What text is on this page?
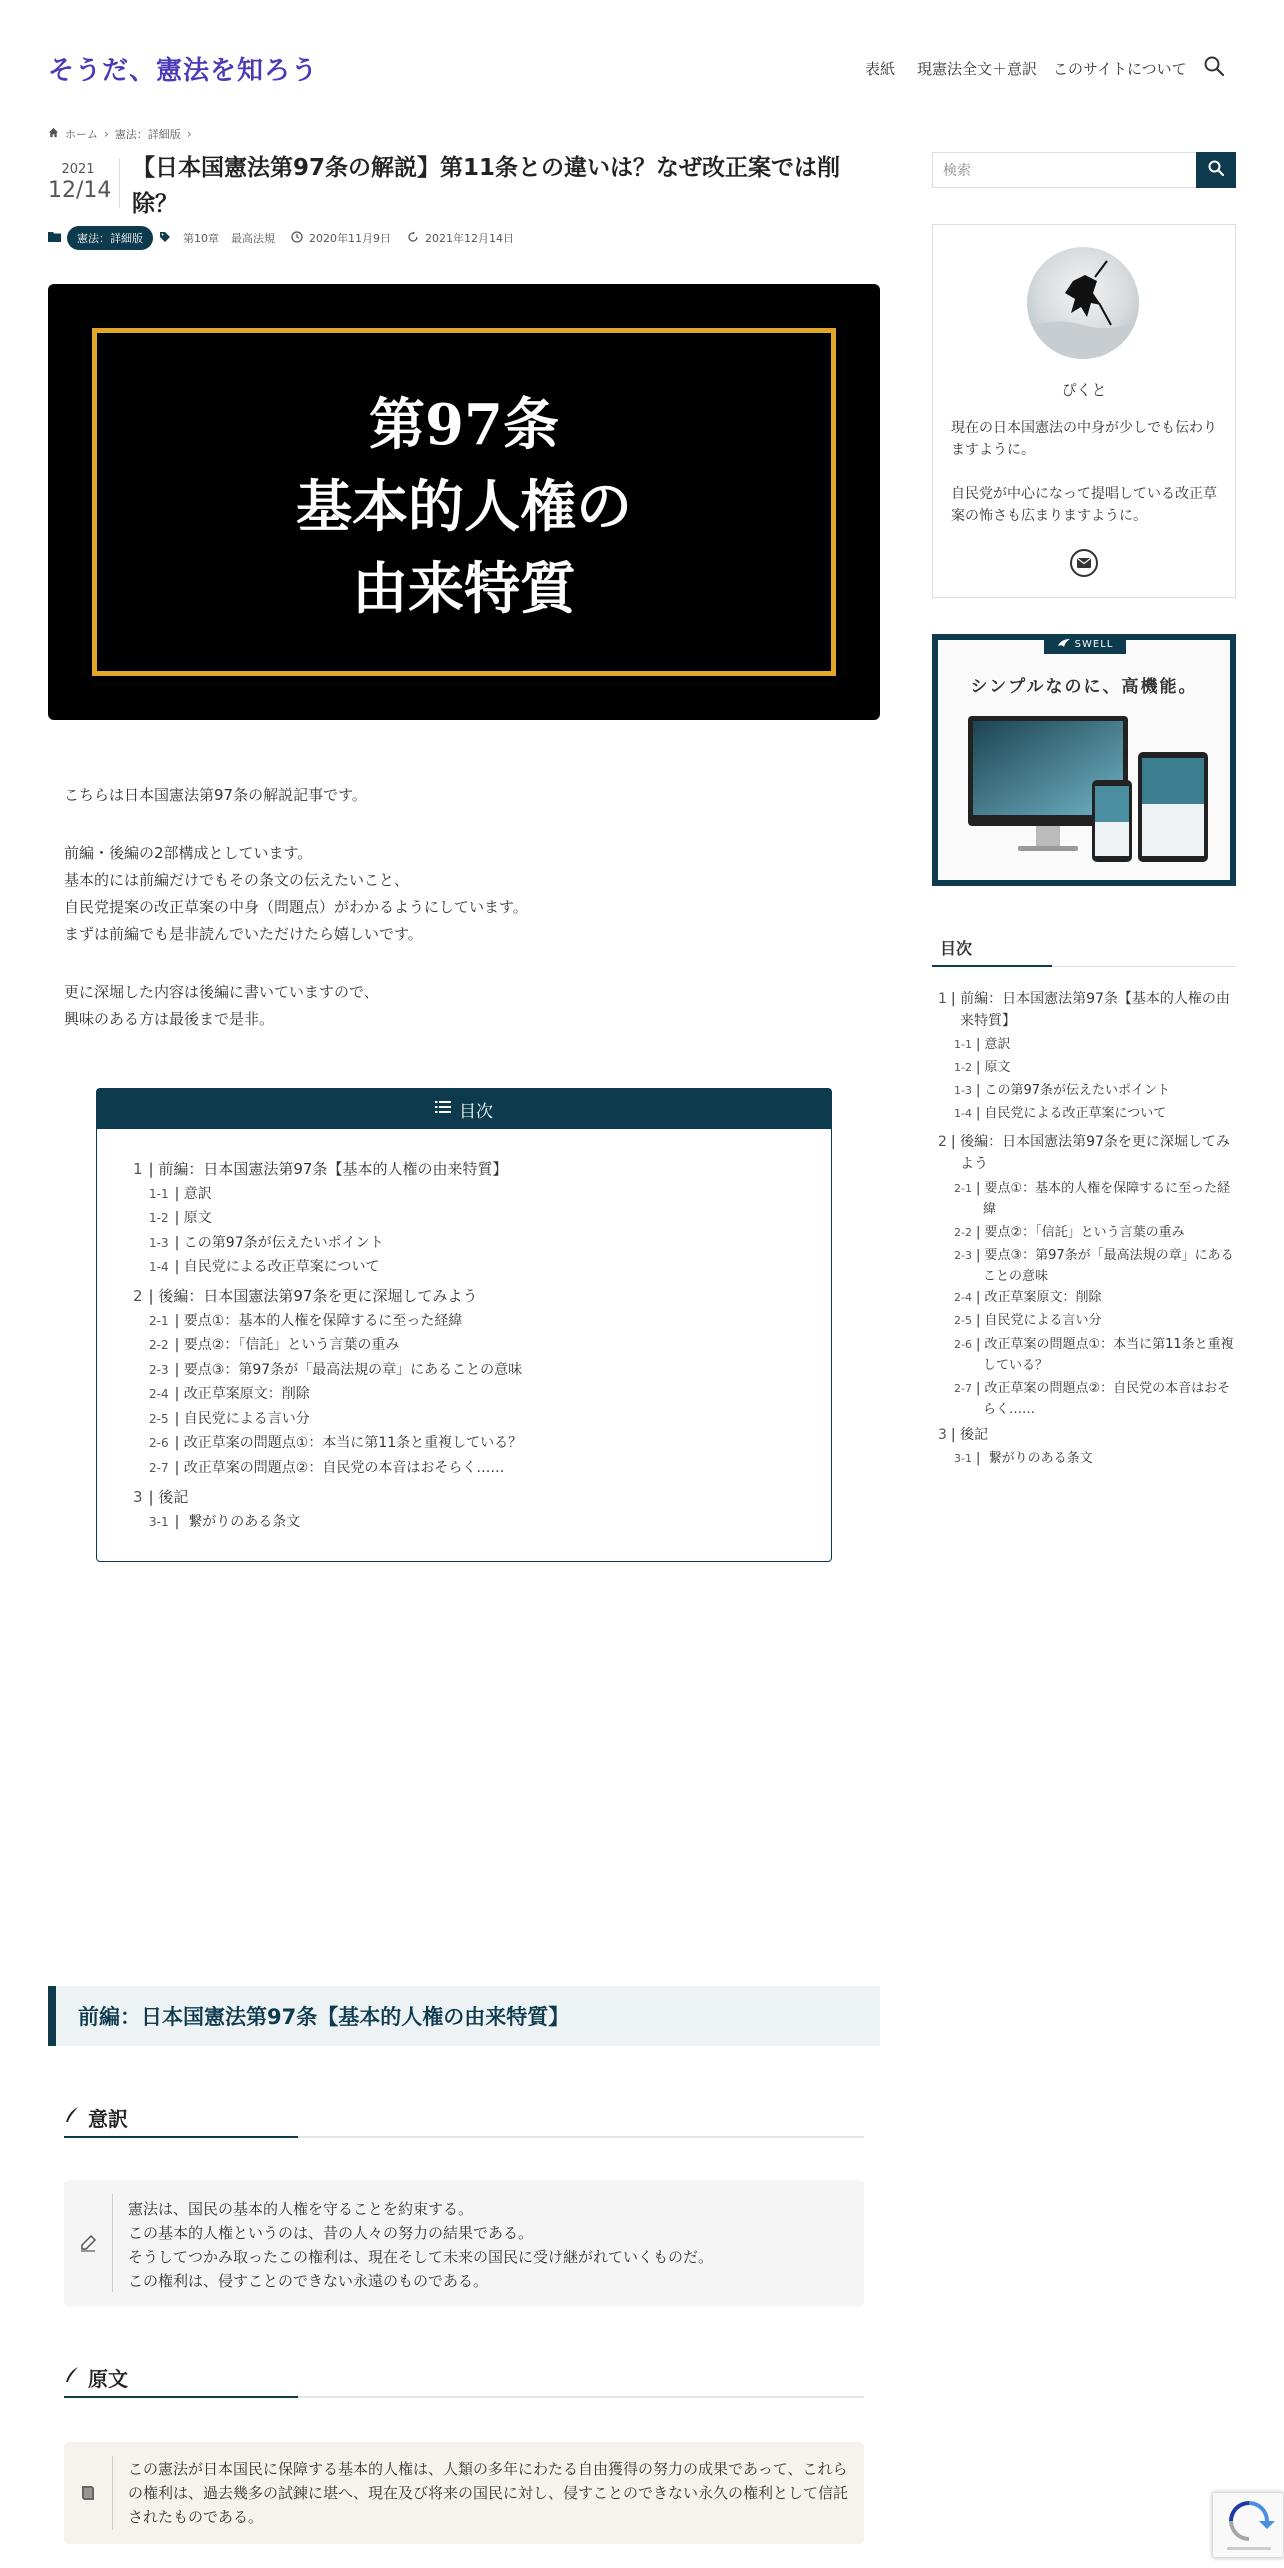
そうだ、憲法を知ろう	表紙 現憲法全文＋意訳 このサイトについて
ホーム › 憲法：詳細版 ›
2021
12/14
【日本国憲法第97条の解説】第11条との違いは？なぜ改正案では削
除？
憲法：詳細版	第10章 最高法規	2020年11月9日	2021年12月14日
第97条
基本的人権の
由来特質

こちらは日本国憲法第97条の解説記事です。

前編・後編の2部構成としています。

基本的には前編だけでもその条文の伝えたいこと、

自民党提案の改正草案の中身（問題点）がわかるようにしています。

まずは前編でも是非読んでいただけたら嬉しいです。

更に深堀した内容は後編に書いていますので、

興味のある方は最後まで是非。

目次
1 | 前編：日本国憲法第97条【基本的人権の由来特質】
1-1 | 意訳
1-2 | 原文
1-3 | この第97条が伝えたいポイント
1-4 | 自民党による改正草案について
2 | 後編：日本国憲法第97条を更に深堀してみよう
2-1 | 要点①：基本的人権を保障するに至った経緯
2-2 | 要点②：「信託」という言葉の重み
2-3 | 要点③：第97条が「最高法規の章」にあることの意味
2-4 | 改正草案原文：削除
2-5 | 自民党による言い分
2-6 | 改正草案の問題点①：本当に第11条と重複している？
2-7 | 改正草案の問題点②：自民党の本音はおそらく……
3 | 後記
3-1 |  繋がりのある条文
前編：日本国憲法第97条【基本的人権の由来特質】
意訳
憲法は、国民の基本的人権を守ることを約束する。
この基本的人権というのは、昔の人々の努力の結果である。
そうしてつかみ取ったこの権利は、現在そして未来の国民に受け継がれていくものだ。
この権利は、侵すことのできない永遠のものである。
原文
この憲法が日本国民に保障する基本的人権は、人類の多年にわたる自由獲得の努力の成果であって、これら
の権利は、過去幾多の試錬に堪へ、現在及び将来の国民に対し、侵すことのできない永久の権利として信託
されたものである。
検索
ぴくと

現在の日本国憲法の中身が少しでも伝わり

ますように。

自民党が中心になって提唱している改正草

案の怖さも広まりますように。

SWELL
シンプルなのに、高機能。
目次
1 | 前編：日本国憲法第97条【基本的人権の由
来特質】
1-1 | 意訳
1-2 | 原文
1-3 | この第97条が伝えたいポイント
1-4 | 自民党による改正草案について
2 | 後編：日本国憲法第97条を更に深堀してみ
よう
2-1 | 要点①：基本的人権を保障するに至った経
緯
2-2 | 要点②：「信託」という言葉の重み
2-3 | 要点③：第97条が「最高法規の章」にある
ことの意味
2-4 | 改正草案原文：削除
2-5 | 自民党による言い分
2-6 | 改正草案の問題点①：本当に第11条と重複
している？
2-7 | 改正草案の問題点②：自民党の本音はおそ
らく……
3 | 後記
3-1 |  繋がりのある条文
